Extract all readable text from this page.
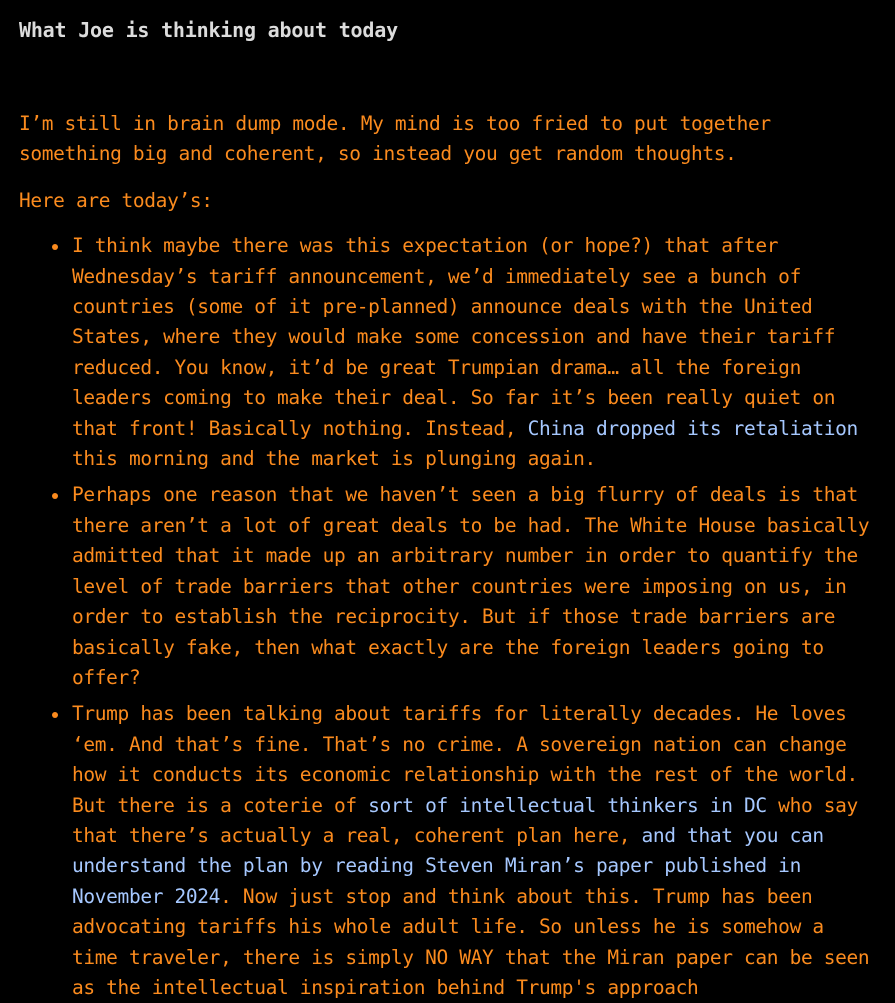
What Joe is thinking about today

I’m still in brain dump mode. My mind is too fried to put together something big and coherent, so instead you get random thoughts.

Here are today’s:

I think maybe there was this expectation (or hope?) that after Wednesday’s tariff announcement, we’d immediately see a bunch of countries (some of it pre-planned) announce deals with the United States, where they would make some concession and have their tariff reduced. You know, it’d be great Trumpian drama… all the foreign leaders coming to make their deal. So far it’s been really quiet on that front! Basically nothing. Instead, China dropped its retaliation this morning and the market is plunging again.
Perhaps one reason that we haven’t seen a big flurry of deals is that there aren’t a lot of great deals to be had. The White House basically admitted that it made up an arbitrary number in order to quantify the level of trade barriers that other countries were imposing on us, in order to establish the reciprocity. But if those trade barriers are basically fake, then what exactly are the foreign leaders going to offer?
Trump has been talking about tariffs for literally decades. He loves ‘em. And that’s fine. That’s no crime. A sovereign nation can change how it conducts its economic relationship with the rest of the world. But there is a coterie of sort of intellectual thinkers in DC who say that there’s actually a real, coherent plan here, and that you can understand the plan by reading Steven Miran’s paper published in November 2024. Now just stop and think about this. Trump has been advocating tariffs his whole adult life. So unless he is somehow a time traveler, there is simply NO WAY that the Miran paper can be seen as the intellectual inspiration behind Trump's approach
